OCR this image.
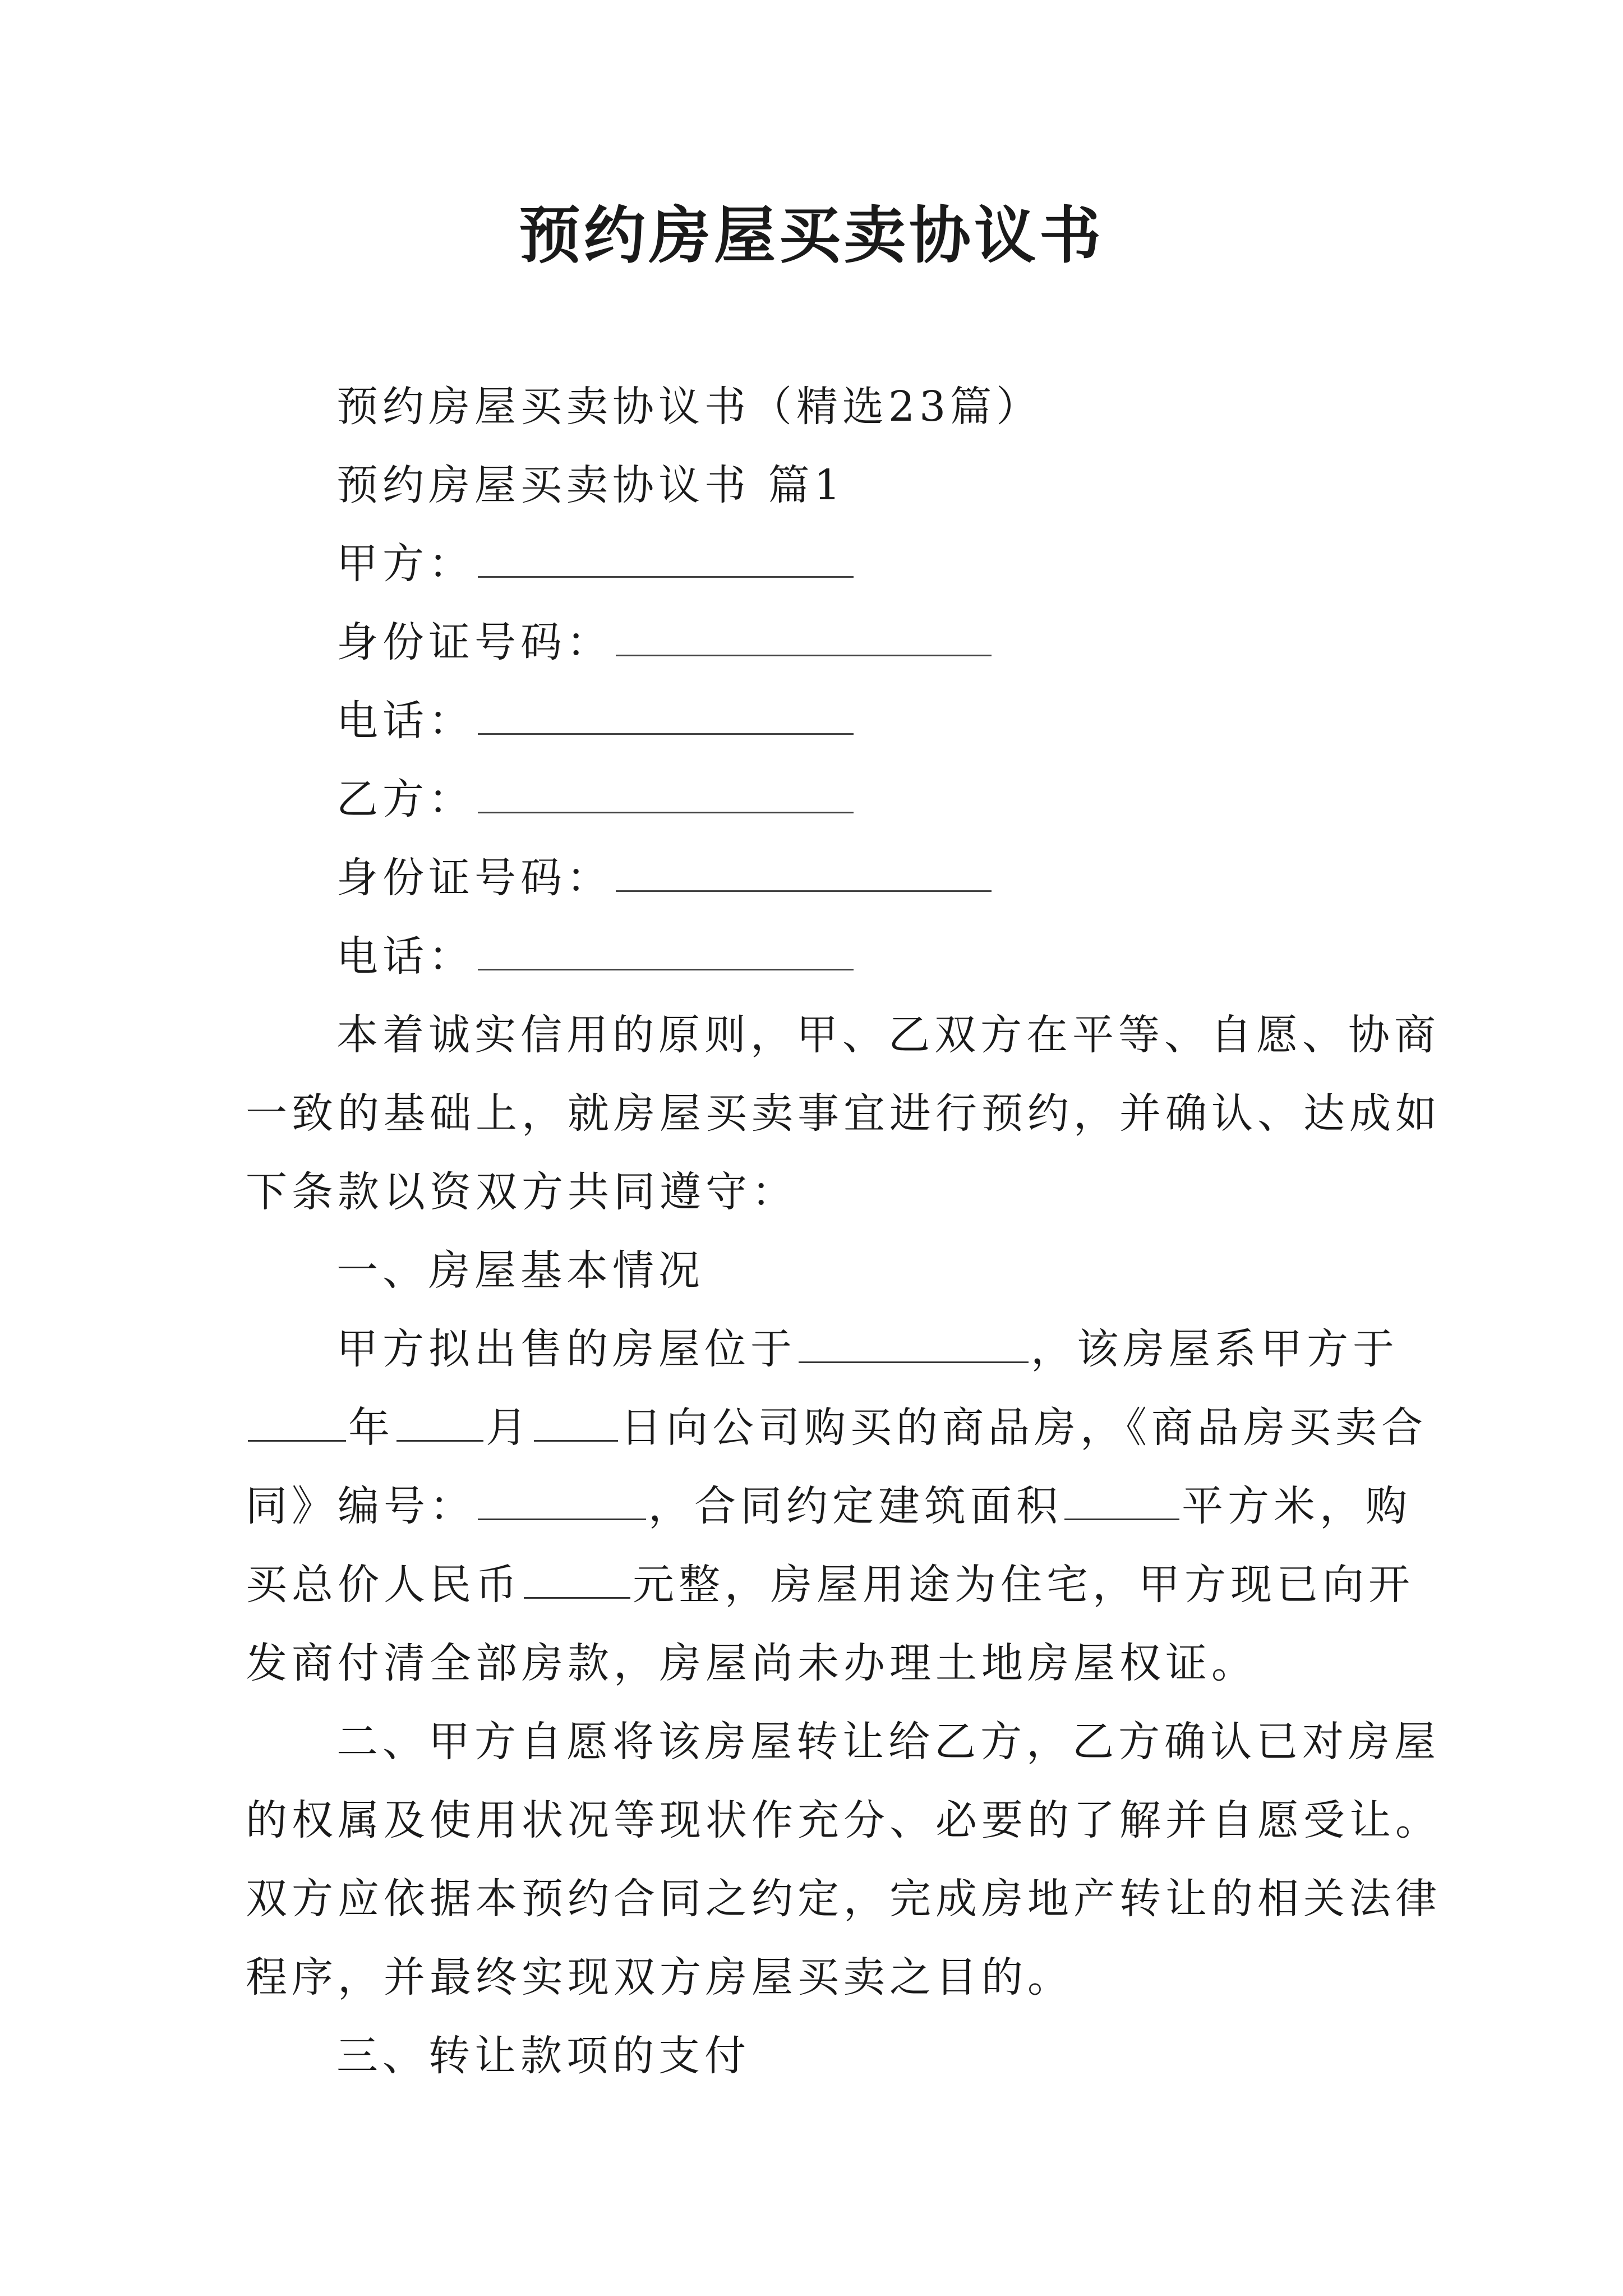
预约房屋买卖协议书
预约房屋买卖协议书（精选23篇）
预约房屋买卖协议书 篇1
甲方：
身份证号码：
电话：
乙方：
身份证号码：
电话：
本着诚实信用的原则，甲、乙双方在平等、自愿、协商
一致的基础上，就房屋买卖事宜进行预约，并确认、达成如
下条款以资双方共同遵守：
一、房屋基本情况
甲方拟出售的房屋位于	，该房屋系甲方于
年 月 日向公司购买的商品房，《商品房买卖合
同》编号：	，合同约定建筑面积	平方米，购
买总价人民币	元整，房屋用途为住宅，甲方现已向开
发商付清全部房款，房屋尚未办理土地房屋权证。
二、甲方自愿将该房屋转让给乙方，乙方确认已对房屋
的权属及使用状况等现状作充分、必要的了解并自愿受让。
双方应依据本预约合同之约定，完成房地产转让的相关法律
程序，并最终实现双方房屋买卖之目的。
三、转让款项的支付
